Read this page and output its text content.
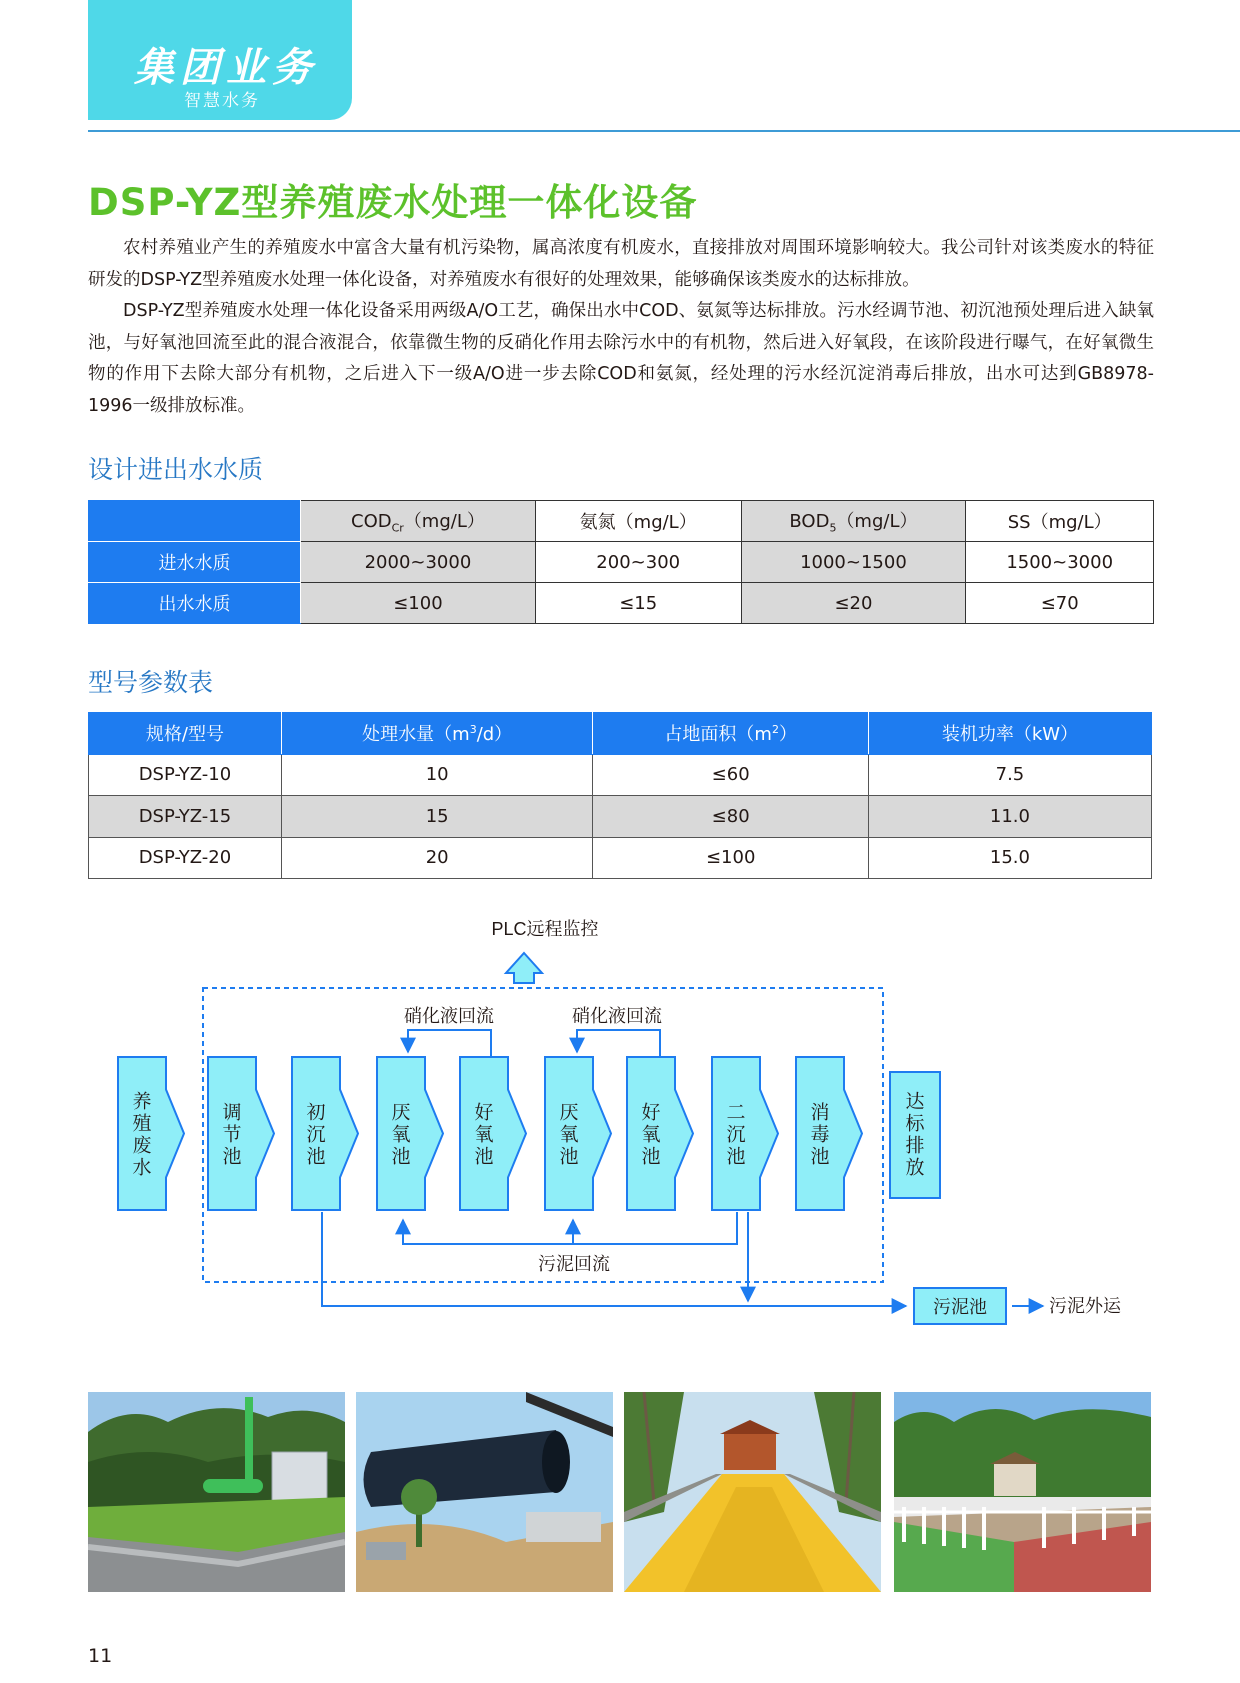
集团业务
智慧水务
DSP-YZ型养殖废水处理一体化设备

农村养殖业产生的养殖废水中富含大量有机污染物，属高浓度有机废水，直接排放对周围环境影响较大。我公司针对该类废水的特征研发的DSP-YZ型养殖废水处理一体化设备，对养殖废水有很好的处理效果，能够确保该类废水的达标排放。

DSP-YZ型养殖废水处理一体化设备采用两级A/O工艺，确保出水中COD、氨氮等达标排放。污水经调节池、初沉池预处理后进入缺氧池，与好氧池回流至此的混合液混合，依靠微生物的反硝化作用去除污水中的有机物，然后进入好氧段，在该阶段进行曝气，在好氧微生物的作用下去除大部分有机物，之后进入下一级A/O进一步去除COD和氨氮，经处理的污水经沉淀消毒后排放，出水可达到GB8978-1996一级排放标准。

设计进出水水质
	$COD_{Cr}(mg/L)$	氨氮（mg/L）	$BOD_5(mg/L)$	SS（mg/L）
进水水质	2000~3000	200~300	1000~1500	1500~3000
出水水质	≤100	≤15	≤20	≤70
型号参数表
规格/型号	处理水量$(m^3/d)$	占地面积$(m^2)$	装机功率（kW）
DSP-YZ-10	10	≤60	7.5
DSP-YZ-15	15	≤80	11.0
DSP-YZ-20	20	≤100	15.0
PLC远程监控
硝化液回流	硝化液回流
养殖废水
调节池
初沉池
厌氧池
好氧池
厌氧池
好氧池
二沉池
消毒池
达标排放
污泥回流
污泥池	污泥外运
11
